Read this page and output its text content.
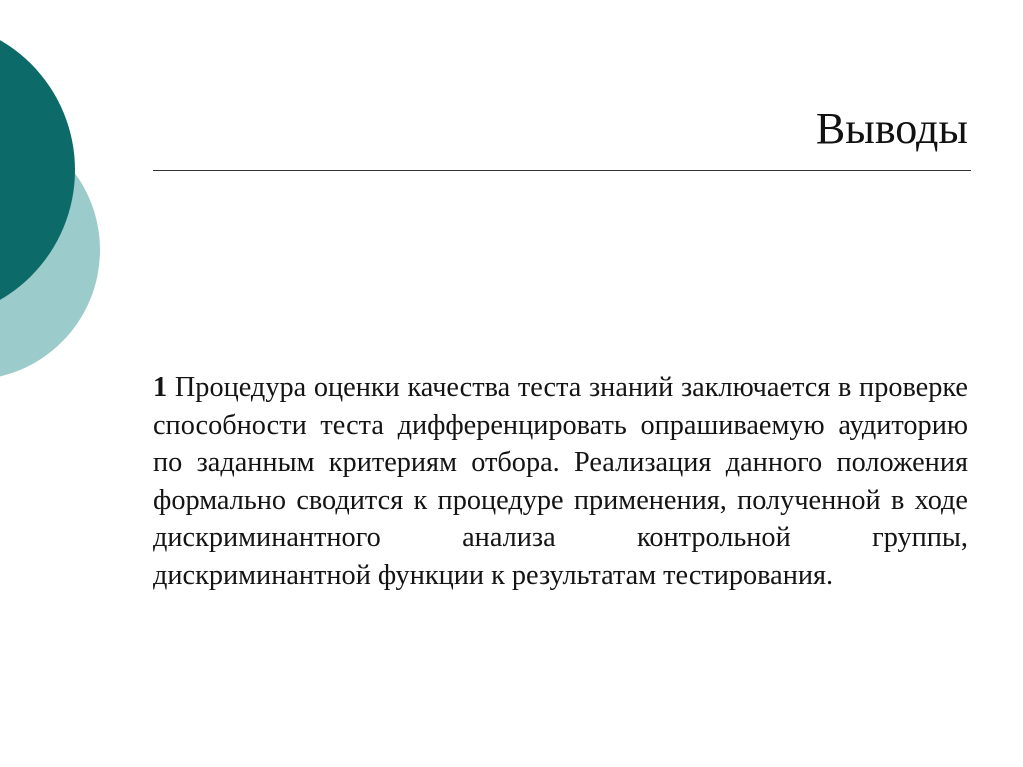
Выводы

1 Процедура оценки качества теста знаний заключается в проверке способности теста дифференцировать опрашиваемую аудиторию по заданным критериям отбора. Реализация данного положения формально сводится к процедуре применения, полученной в ходе дискриминантного анализа контрольной группы, дискриминантной функции к результатам тестирования.
